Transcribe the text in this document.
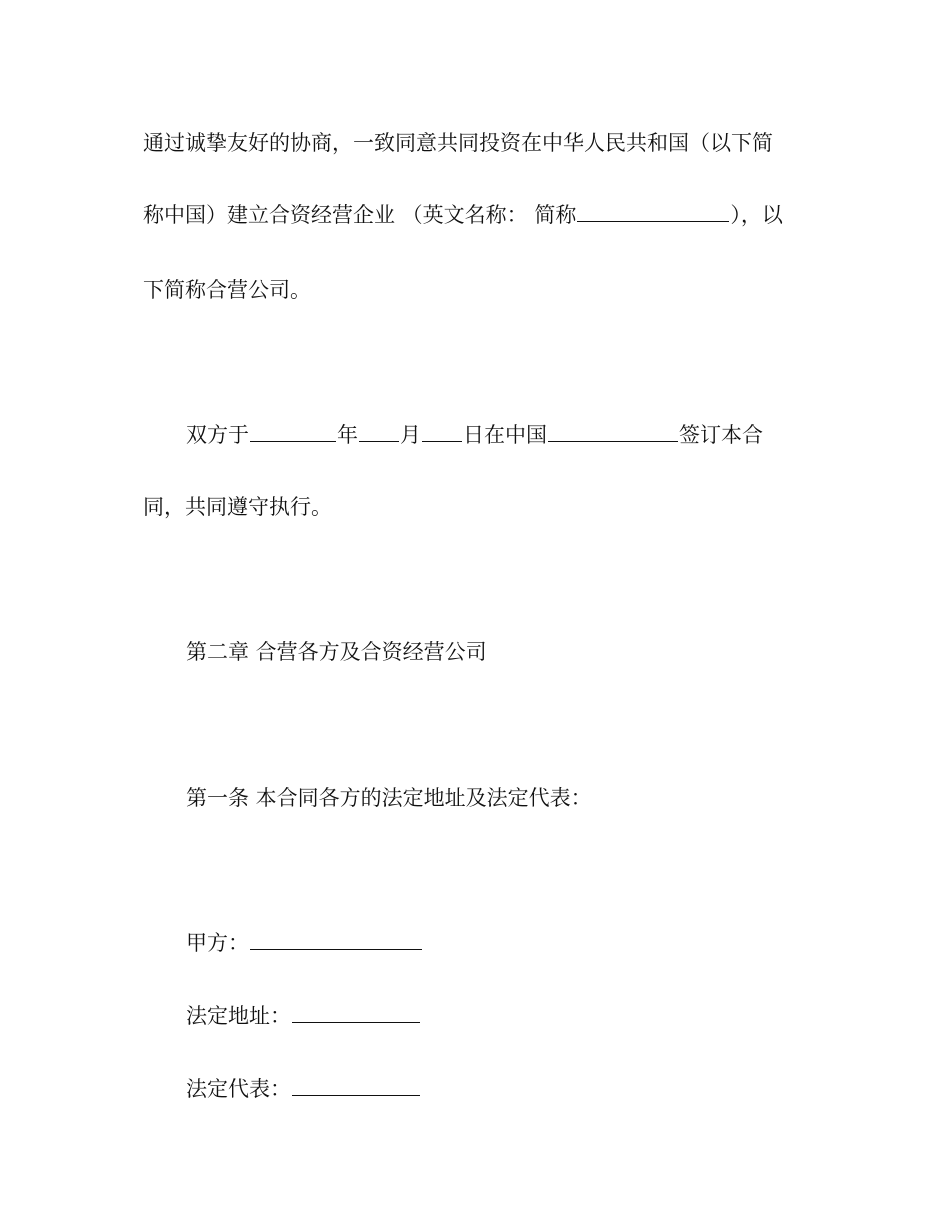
通过诚挚友好的协商，一致同意共同投资在中华人民共和国（以下简

称中国）建立合资经营企业 （英文名称： 简称	），以

下简称合营公司。

双方于	年 月 日在中国	签订本合

同，共同遵守执行。

第二章 合营各方及合资经营公司

第一条 本合同各方的法定地址及法定代表：

甲方：

法定地址：

法定代表：
